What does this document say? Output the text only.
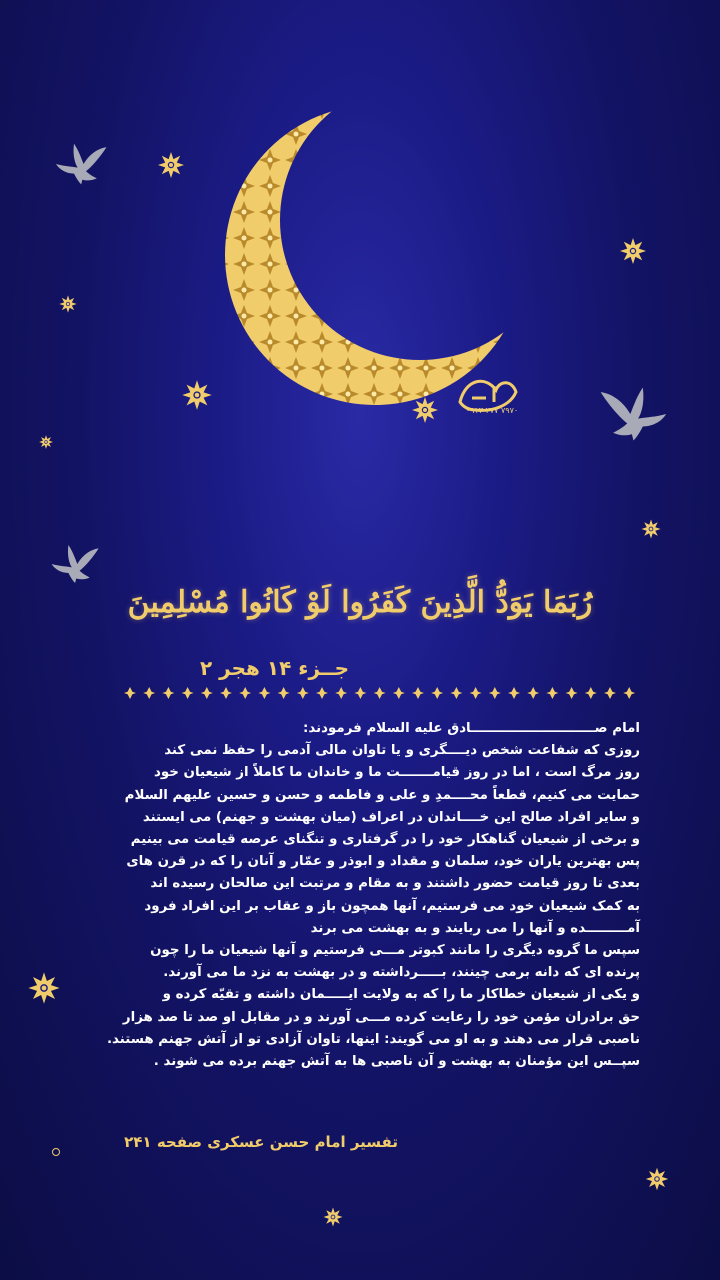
۰۹۱۳ ۲۷۷ ۷۹۷۰
رُبَمَا یَوَدُّ الَّذِینَ کَفَرُوا لَوْ کَانُوا مُسْلِمِینَ
جــزء ۱۴ هجر ۲

امام صـــــــــــــــــــــــــــادق علیه السلام فرمودند:

روزی که شفاعت شخص دیــــگری و یا تاوان مالی آدمی را حفظ نمی کند

روز مرگ است ، اما در روز قیامـــــــت ما و خاندان ما کاملاً از شیعیان خود

حمایت می کنیم، قطعاً محــــمدِ و علی و فاطمه و حسن و حسین علیهم السلام

و سایر افراد صالح این خــــاندان در اعراف (میان بهشت و جهنم) می ایستند

و برخی از شیعیان گناهکار خود را در گرفتاری و تنگنای عرصه قیامت می بینیم

پس بهترین یاران خود، سلمان و مقداد و ابوذر و عمّار و آنان را که در قرن های

بعدی تا روز قیامت حضور داشتند و به مقام و مرتبت این صالحان رسیده اند

به کمک شیعیان خود می فرستیم، آنها همچون باز و عقاب بر این افراد فرود

آمـــــــــده و آنها را می ربایند و به بهشت می برند

سپس ما گروه دیگری را مانند کبوتر مـــی فرستیم و آنها شیعیان ما را چون

پرنده ای که دانه برمی چینند، بـــــرداشته و در بهشت به نزد ما می آورند.

و یکی از شیعیان خطاکار ما را که به ولایت ایـــــمان داشته و تقیّه کرده و

حق برادران مؤمن خود را رعایت کرده مـــی آورند و در مقابل او صد تا صد هزار

ناصبی قرار می دهند و به او می گویند: اینها، تاوان آزادی تو از آتش جهنم هستند.

سپــس این مؤمنان به بهشت و آن ناصبی ها به آتش جهنم برده می شوند .

تفسیر امام حسن عسکری صفحه ۲۴۱
